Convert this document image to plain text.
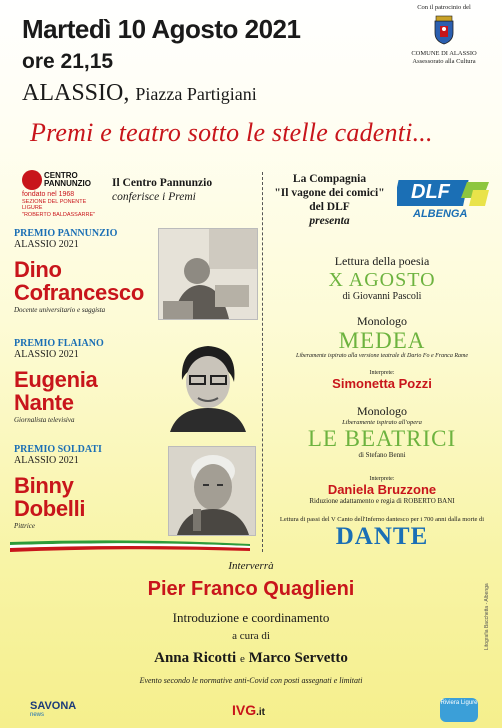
Martedì 10 Agosto 2021
ore 21,15
ALASSIO, Piazza Partigiani
Premi e teatro sotto le stelle cadenti...
Con il patrocinio del
COMUNE DI ALASSIO
Assessorato alla Cultura
CENTRO
PANNUNZIO
fondato nel 1968
SEZIONE DEL PONENTE LIGURE
"ROBERTO BALDASSARRE"
Il Centro Pannunzio
conferisce i Premi
PREMIO PANNUNZIO
ALASSIO 2021
Dino
Cofrancesco
Docente universitario e saggista
PREMIO FLAIANO
ALASSIO 2021
Eugenia
Nante
Giornalista televisiva
PREMIO SOLDATI
ALASSIO 2021
Binny
Dobelli
Pittrice
La Compagnia
"Il vagone dei comici"
del DLF
presenta
DLF
ALBENGA
Lettura della poesia
X AGOSTO
di Giovanni Pascoli
Monologo
MEDEA
Liberamente ispirato alla versione teatrale di Dario Fo e Franca Rame
Interprete:
Simonetta Pozzi
Monologo
Liberamente ispirato all'opera
LE BEATRICI
di Stefano Benni
Interprete:
Daniela Bruzzone
Riduzione adattamento e regia di ROBERTO BANI
Lettura di passi del V Canto dell'Inferno dantesco per i 700 anni dalla morte di
DANTE
Interverrà
Pier Franco Quaglieni
Introduzione e coordinamento
a cura di
Anna Ricotti e Marco Servetto
Evento secondo le normative anti-Covid con posti assegnati e limitati
Litografia Bacchetta - Albenga
SAVONA
news	IVG.it
Riviera Ligure
